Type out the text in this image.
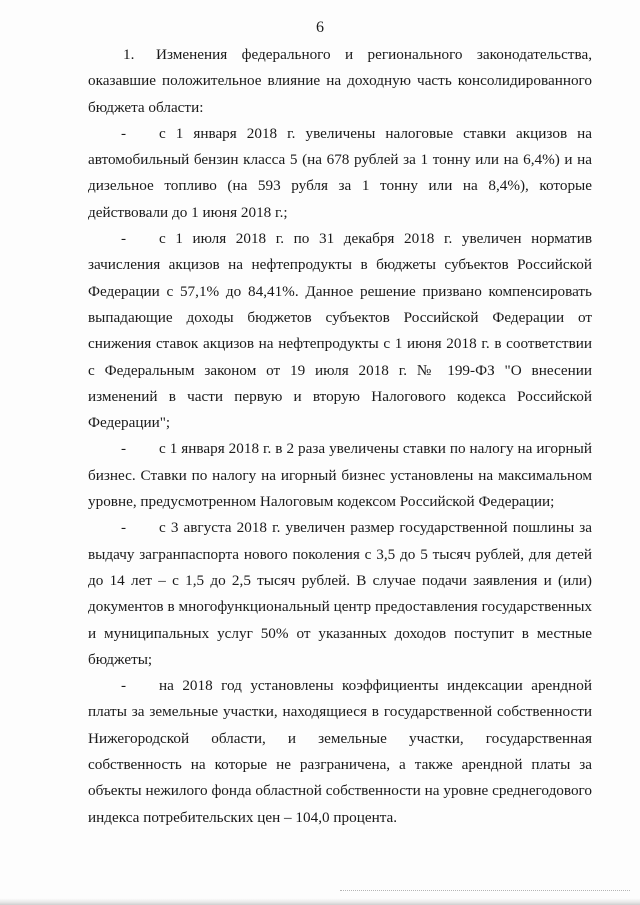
6

1. Изменения федерального и регионального законодательства, оказавшие положительное влияние на доходную часть консолидированного бюджета области:

- с 1 января 2018 г. увеличены налоговые ставки акцизов на автомобильный бензин класса 5 (на 678 рублей за 1 тонну или на 6,4%) и на дизельное топливо (на 593 рубля за 1 тонну или на 8,4%), которые действовали до 1 июня 2018 г.;

- с 1 июля 2018 г. по 31 декабря 2018 г. увеличен норматив зачисления акцизов на нефтепродукты в бюджеты субъектов Российской Федерации с 57,1% до 84,41%. Данное решение призвано компенсировать выпадающие доходы бюджетов субъектов Российской Федерации от снижения ставок акцизов на нефтепродукты с 1 июня 2018 г. в соответствии с Федеральным законом от 19 июля 2018 г. № 199-ФЗ "О внесении изменений в части первую и вторую Налогового кодекса Российской Федерации";

- с 1 января 2018 г. в 2 раза увеличены ставки по налогу на игорный бизнес. Ставки по налогу на игорный бизнес установлены на максимальном уровне, предусмотренном Налоговым кодексом Российской Федерации;

- с 3 августа 2018 г. увеличен размер государственной пошлины за выдачу загранпаспорта нового поколения с 3,5 до 5 тысяч рублей, для детей до 14 лет – с 1,5 до 2,5 тысяч рублей. В случае подачи заявления и (или) документов в многофункциональный центр предоставления государственных и муниципальных услуг 50% от указанных доходов поступит в местные бюджеты;

- на 2018 год установлены коэффициенты индексации арендной платы за земельные участки, находящиеся в государственной собственности Нижегородской области, и земельные участки, государственная собственность на которые не разграничена, а также арендной платы за объекты нежилого фонда областной собственности на уровне среднегодового индекса потребительских цен – 104,0 процента.
